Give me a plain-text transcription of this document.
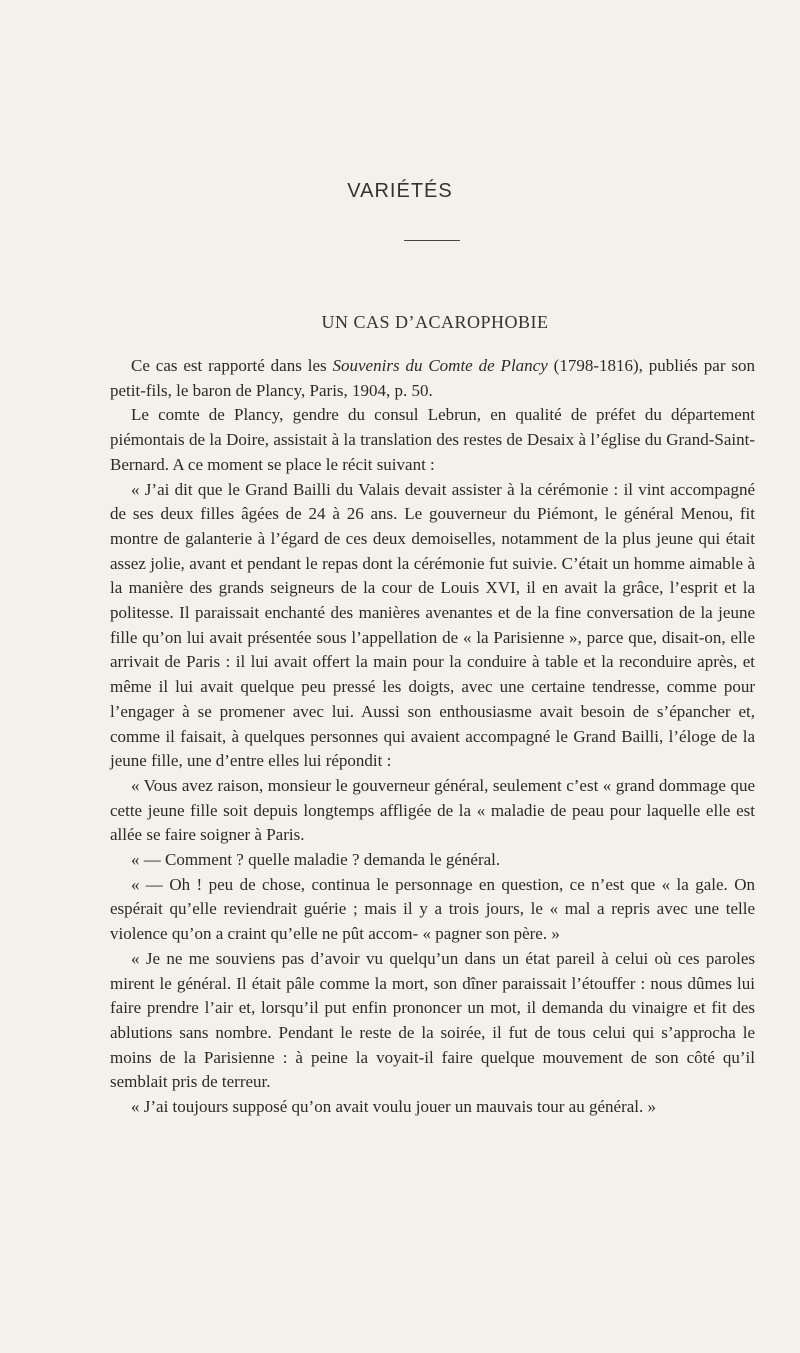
VARIÉTÉS
UN CAS D’ACAROPHOBIE

Ce cas est rapporté dans les Souvenirs du Comte de Plancy (1798-1816), publiés par son petit-fils, le baron de Plancy, Paris, 1904, p. 50.

Le comte de Plancy, gendre du consul Lebrun, en qualité de préfet du département piémontais de la Doire, assistait à la translation des restes de Desaix à l’église du Grand-Saint-Bernard. A ce moment se place le récit suivant :

« J’ai dit que le Grand Bailli du Valais devait assister à la cérémonie : il vint accompagné de ses deux filles âgées de 24 à 26 ans. Le gouverneur du Piémont, le général Menou, fit montre de galanterie à l’égard de ces deux demoiselles, notamment de la plus jeune qui était assez jolie, avant et pendant le repas dont la cérémonie fut suivie. C’était un homme aimable à la manière des grands seigneurs de la cour de Louis XVI, il en avait la grâce, l’esprit et la politesse. Il paraissait enchanté des manières avenantes et de la fine conversation de la jeune fille qu’on lui avait présentée sous l’appellation de « la Parisienne », parce que, disait-on, elle arrivait de Paris : il lui avait offert la main pour la conduire à table et la reconduire après, et même il lui avait quelque peu pressé les doigts, avec une certaine tendresse, comme pour l’engager à se promener avec lui. Aussi son enthousiasme avait besoin de s’épancher et, comme il faisait, à quelques personnes qui avaient accompagné le Grand Bailli, l’éloge de la jeune fille, une d’entre elles lui répondit :

« Vous avez raison, monsieur le gouverneur général, seulement c’est « grand dommage que cette jeune fille soit depuis longtemps affligée de la « maladie de peau pour laquelle elle est allée se faire soigner à Paris.

« — Comment ? quelle maladie ? demanda le général.

« — Oh ! peu de chose, continua le personnage en question, ce n’est que « la gale. On espérait qu’elle reviendrait guérie ; mais il y a trois jours, le « mal a repris avec une telle violence qu’on a craint qu’elle ne pût accom- « pagner son père. »

« Je ne me souviens pas d’avoir vu quelqu’un dans un état pareil à celui où ces paroles mirent le général. Il était pâle comme la mort, son dîner paraissait l’étouffer : nous dûmes lui faire prendre l’air et, lorsqu’il put enfin prononcer un mot, il demanda du vinaigre et fit des ablutions sans nombre. Pendant le reste de la soirée, il fut de tous celui qui s’approcha le moins de la Parisienne : à peine la voyait-il faire quelque mouvement de son côté qu’il semblait pris de terreur.

« J’ai toujours supposé qu’on avait voulu jouer un mauvais tour au général. »
